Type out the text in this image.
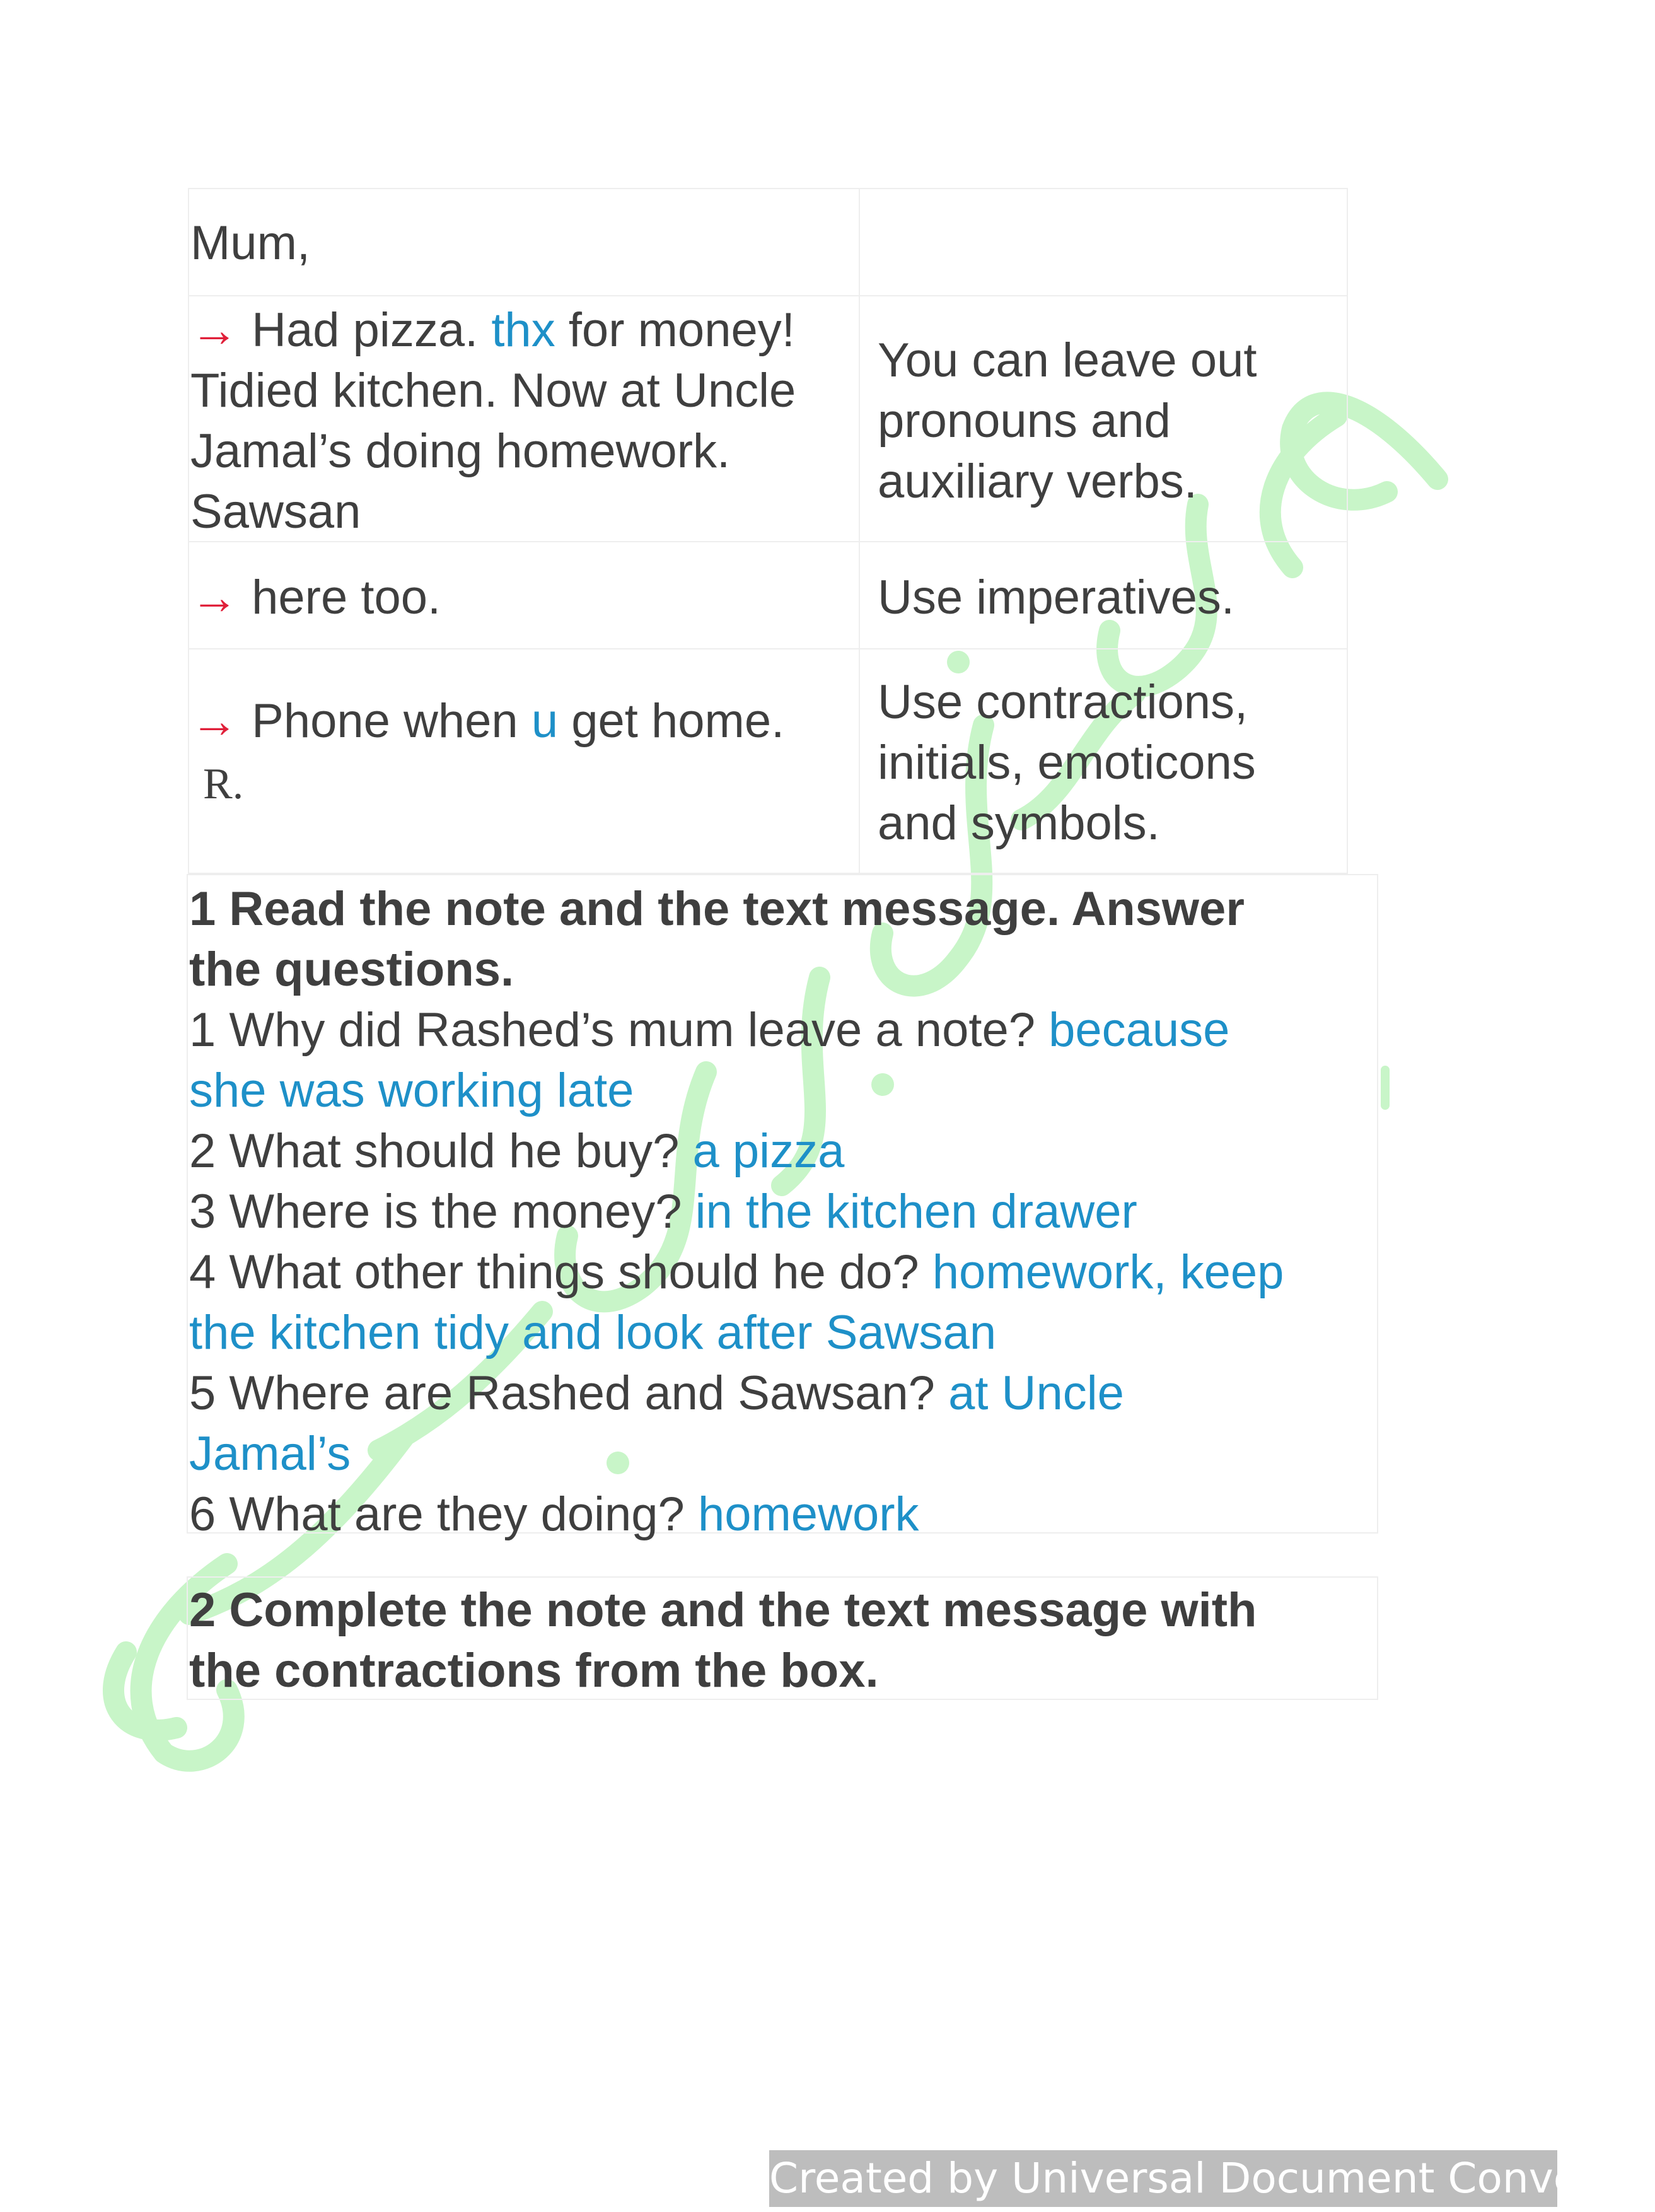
Mum,
→ Had pizza. thx for money!
Tidied kitchen. Now at Uncle
Jamal’s doing homework.
Sawsan
→ here too.
→ Phone when u get home.
R.
You can leave out
pronouns and
auxiliary verbs.
Use imperatives.
Use contractions,
initials, emoticons
and symbols.
1 Read the note and the text message. Answer
the questions.
1 Why did Rashed’s mum leave a note? because
she was working late
2 What should he buy? a pizza
3 Where is the money? in the kitchen drawer
4 What other things should he do? homework, keep
the kitchen tidy and look after Sawsan
5 Where are Rashed and Sawsan? at Uncle
Jamal’s
6 What are they doing? homework
2 Complete the note and the text message with
the contractions from the box.
Created by Universal Document Converter
